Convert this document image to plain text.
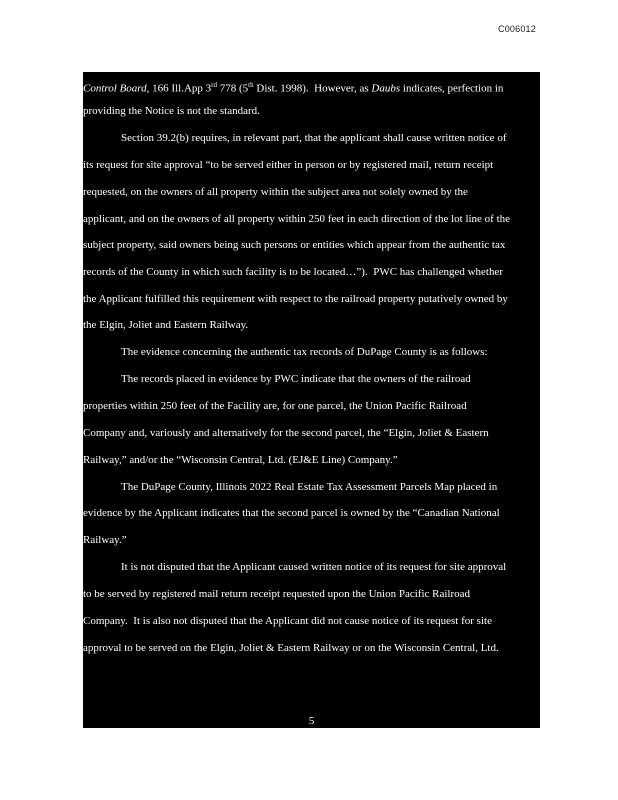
C006012
Control Board, 166 Ill.App 3rd 778 (5th Dist. 1998).  However, as Daubs indicates, perfection in
providing the Notice is not the standard.
Section 39.2(b) requires, in relevant part, that the applicant shall cause written notice of
its request for site approval “to be served either in person or by registered mail, return receipt
requested, on the owners of all property within the subject area not solely owned by the
applicant, and on the owners of all property within 250 feet in each direction of the lot line of the
subject property, said owners being such persons or entities which appear from the authentic tax
records of the County in which such facility is to be located…”).  PWC has challenged whether
the Applicant fulfilled this requirement with respect to the railroad property putatively owned by
the Elgin, Joliet and Eastern Railway.
The evidence concerning the authentic tax records of DuPage County is as follows:
The records placed in evidence by PWC indicate that the owners of the railroad
properties within 250 feet of the Facility are, for one parcel, the Union Pacific Railroad
Company and, variously and alternatively for the second parcel, the “Elgin, Joliet & Eastern
Railway,” and/or the “Wisconsin Central, Ltd. (EJ&E Line) Company.”
The DuPage County, Illinois 2022 Real Estate Tax Assessment Parcels Map placed in
evidence by the Applicant indicates that the second parcel is owned by the “Canadian National
Railway.”
It is not disputed that the Applicant caused written notice of its request for site approval
to be served by registered mail return receipt requested upon the Union Pacific Railroad
Company.  It is also not disputed that the Applicant did not cause notice of its request for site
approval to be served on the Elgin, Joliet & Eastern Railway or on the Wisconsin Central, Ltd.
5
